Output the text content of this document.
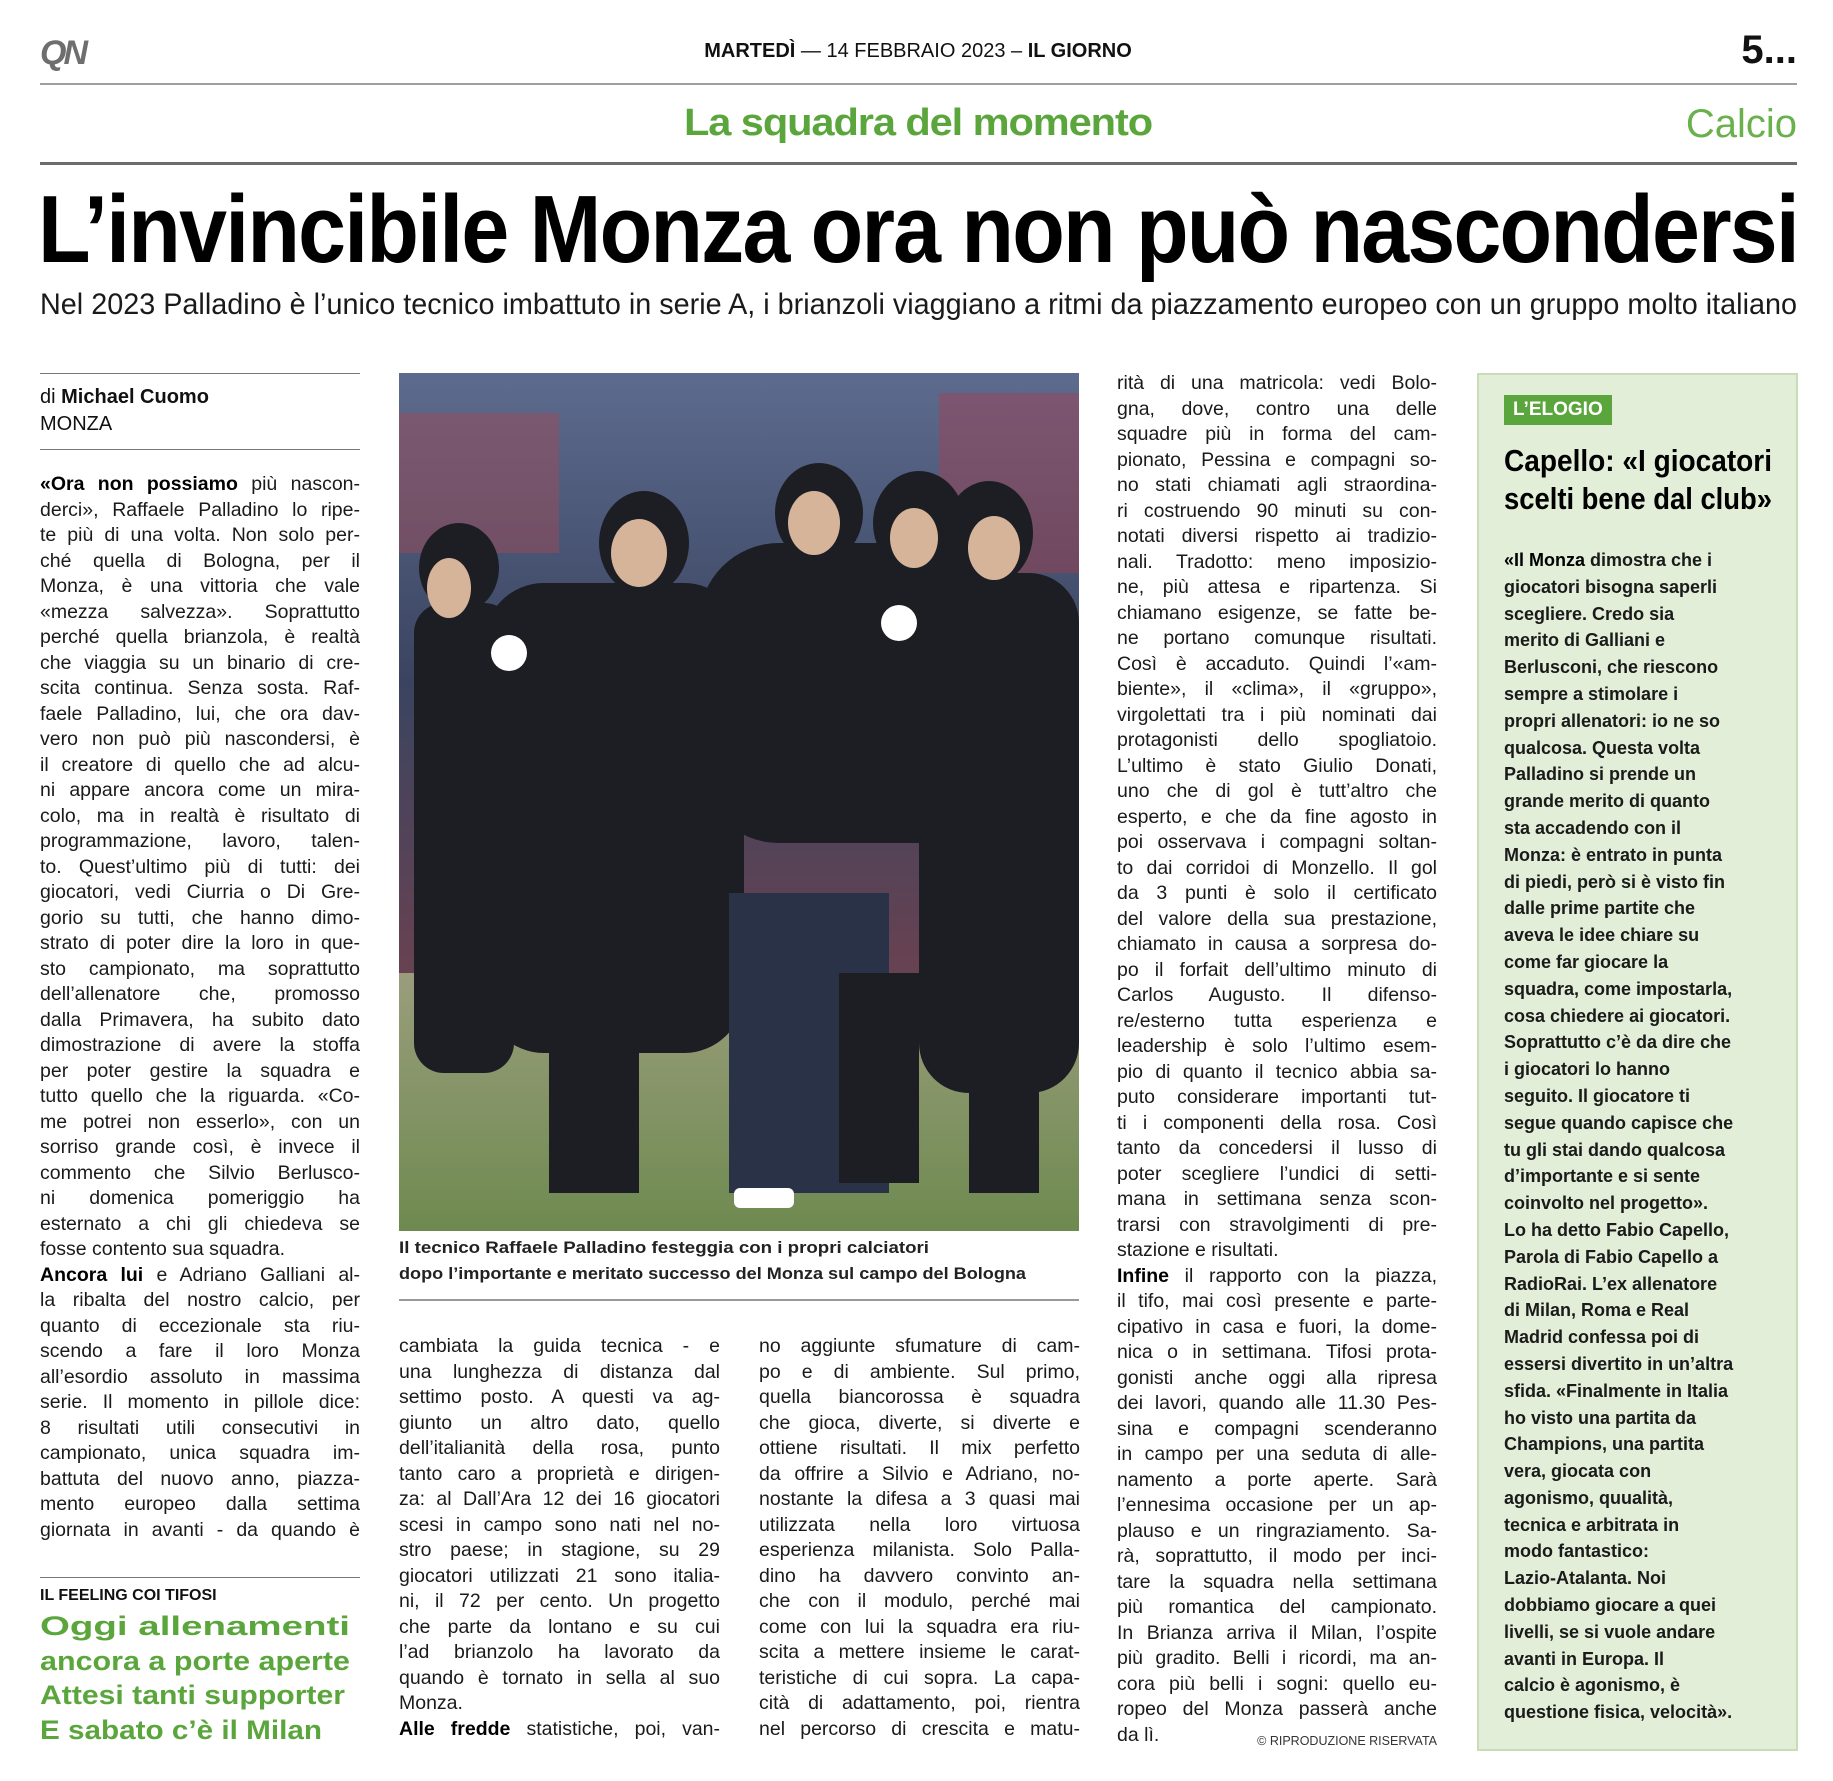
QN	MARTEDÌ — 14 FEBBRAIO 2023 – IL GIORNO	5...
La squadra del momento	Calcio
L’invincibile Monza ora non può nascondersi
Nel 2023 Palladino è l’unico tecnico imbattuto in serie A, i brianzoli viaggiano a ritmi da piazzamento europeo con un gruppo molto italiano
di Michael Cuomo
MONZA
«Ora non possiamo più nascon-
derci», Raffaele Palladino lo ripe-
te più di una volta. Non solo per-
ché quella di Bologna, per il
Monza, è una vittoria che vale
«mezza salvezza». Soprattutto
perché quella brianzola, è realtà
che viaggia su un binario di cre-
scita continua. Senza sosta. Raf-
faele Palladino, lui, che ora dav-
vero non può più nascondersi, è
il creatore di quello che ad alcu-
ni appare ancora come un mira-
colo, ma in realtà è risultato di
programmazione, lavoro, talen-
to. Quest’ultimo più di tutti: dei
giocatori, vedi Ciurria o Di Gre-
gorio su tutti, che hanno dimo-
strato di poter dire la loro in que-
sto campionato, ma soprattutto
dell’allenatore che, promosso
dalla Primavera, ha subito dato
dimostrazione di avere la stoffa
per poter gestire la squadra e
tutto quello che la riguarda. «Co-
me potrei non esserlo», con un
sorriso grande così, è invece il
commento che Silvio Berlusco-
ni domenica pomeriggio ha
esternato a chi gli chiedeva se
fosse contento sua squadra.
Ancora lui e Adriano Galliani al-
la ribalta del nostro calcio, per
quanto di eccezionale sta riu-
scendo a fare il loro Monza
all’esordio assoluto in massima
serie. Il momento in pillole dice:
8 risultati utili consecutivi in
campionato, unica squadra im-
battuta del nuovo anno, piazza-
mento europeo dalla settima
giornata in avanti - da quando è
IL FEELING COI TIFOSI
Oggi allenamenti
ancora a porte aperte
Attesi tanti supporter
E sabato c’è il Milan
Il tecnico Raffaele Palladino festeggia con i propri calciatori
dopo l’importante e meritato successo del Monza sul campo del Bologna
cambiata la guida tecnica - e
una lunghezza di distanza dal
settimo posto. A questi va ag-
giunto un altro dato, quello
dell’italianità della rosa, punto
tanto caro a proprietà e dirigen-
za: al Dall’Ara 12 dei 16 giocatori
scesi in campo sono nati nel no-
stro paese; in stagione, su 29
giocatori utilizzati 21 sono italia-
ni, il 72 per cento. Un progetto
che parte da lontano e su cui
l’ad brianzolo ha lavorato da
quando è tornato in sella al suo
Monza.
Alle fredde statistiche, poi, van-
no aggiunte sfumature di cam-
po e di ambiente. Sul primo,
quella biancorossa è squadra
che gioca, diverte, si diverte e
ottiene risultati. Il mix perfetto
da offrire a Silvio e Adriano, no-
nostante la difesa a 3 quasi mai
utilizzata nella loro virtuosa
esperienza milanista. Solo Palla-
dino ha davvero convinto an-
che con il modulo, perché mai
come con lui la squadra era riu-
scita a mettere insieme le carat-
teristiche di cui sopra. La capa-
cità di adattamento, poi, rientra
nel percorso di crescita e matu-
rità di una matricola: vedi Bolo-
gna, dove, contro una delle
squadre più in forma del cam-
pionato, Pessina e compagni so-
no stati chiamati agli straordina-
ri costruendo 90 minuti su con-
notati diversi rispetto ai tradizio-
nali. Tradotto: meno imposizio-
ne, più attesa e ripartenza. Si
chiamano esigenze, se fatte be-
ne portano comunque risultati.
Così è accaduto. Quindi l’«am-
biente», il «clima», il «gruppo»,
virgolettati tra i più nominati dai
protagonisti dello spogliatoio.
L’ultimo è stato Giulio Donati,
uno che di gol è tutt’altro che
esperto, e che da fine agosto in
poi osservava i compagni soltan-
to dai corridoi di Monzello. Il gol
da 3 punti è solo il certificato
del valore della sua prestazione,
chiamato in causa a sorpresa do-
po il forfait dell’ultimo minuto di
Carlos Augusto. Il difenso-
re/esterno tutta esperienza e
leadership è solo l’ultimo esem-
pio di quanto il tecnico abbia sa-
puto considerare importanti tut-
ti i componenti della rosa. Così
tanto da concedersi il lusso di
poter scegliere l’undici di setti-
mana in settimana senza scon-
trarsi con stravolgimenti di pre-
stazione e risultati.
Infine il rapporto con la piazza,
il tifo, mai così presente e parte-
cipativo in casa e fuori, la dome-
nica o in settimana. Tifosi prota-
gonisti anche oggi alla ripresa
dei lavori, quando alle 11.30 Pes-
sina e compagni scenderanno
in campo per una seduta di alle-
namento a porte aperte. Sarà
l’ennesima occasione per un ap-
plauso e un ringraziamento. Sa-
rà, soprattutto, il modo per inci-
tare la squadra nella settimana
più romantica del campionato.
In Brianza arriva il Milan, l’ospite
più gradito. Belli i ricordi, ma an-
cora più belli i sogni: quello eu-
ropeo del Monza passerà anche
da lì.	© RIPRODUZIONE RISERVATA
L’ELOGIO
Capello: «I giocatori
scelti bene dal club»
«Il Monza dimostra che i
giocatori bisogna saperli
scegliere. Credo sia
merito di Galliani e
Berlusconi, che riescono
sempre a stimolare i
propri allenatori: io ne so
qualcosa. Questa volta
Palladino si prende un
grande merito di quanto
sta accadendo con il
Monza: è entrato in punta
di piedi, però si è visto fin
dalle prime partite che
aveva le idee chiare su
come far giocare la
squadra, come impostarla,
cosa chiedere ai giocatori.
Soprattutto c’è da dire che
i giocatori lo hanno
seguito. Il giocatore ti
segue quando capisce che
tu gli stai dando qualcosa
d’importante e si sente
coinvolto nel progetto».
Lo ha detto Fabio Capello,
Parola di Fabio Capello a
RadioRai. L’ex allenatore
di Milan, Roma e Real
Madrid confessa poi di
essersi divertito in un’altra
sfida. «Finalmente in Italia
ho visto una partita da
Champions, una partita
vera, giocata con
agonismo, quualità,
tecnica e arbitrata in
modo fantastico:
Lazio-Atalanta. Noi
dobbiamo giocare a quei
livelli, se si vuole andare
avanti in Europa. Il
calcio è agonismo, è
questione fisica, velocità».
